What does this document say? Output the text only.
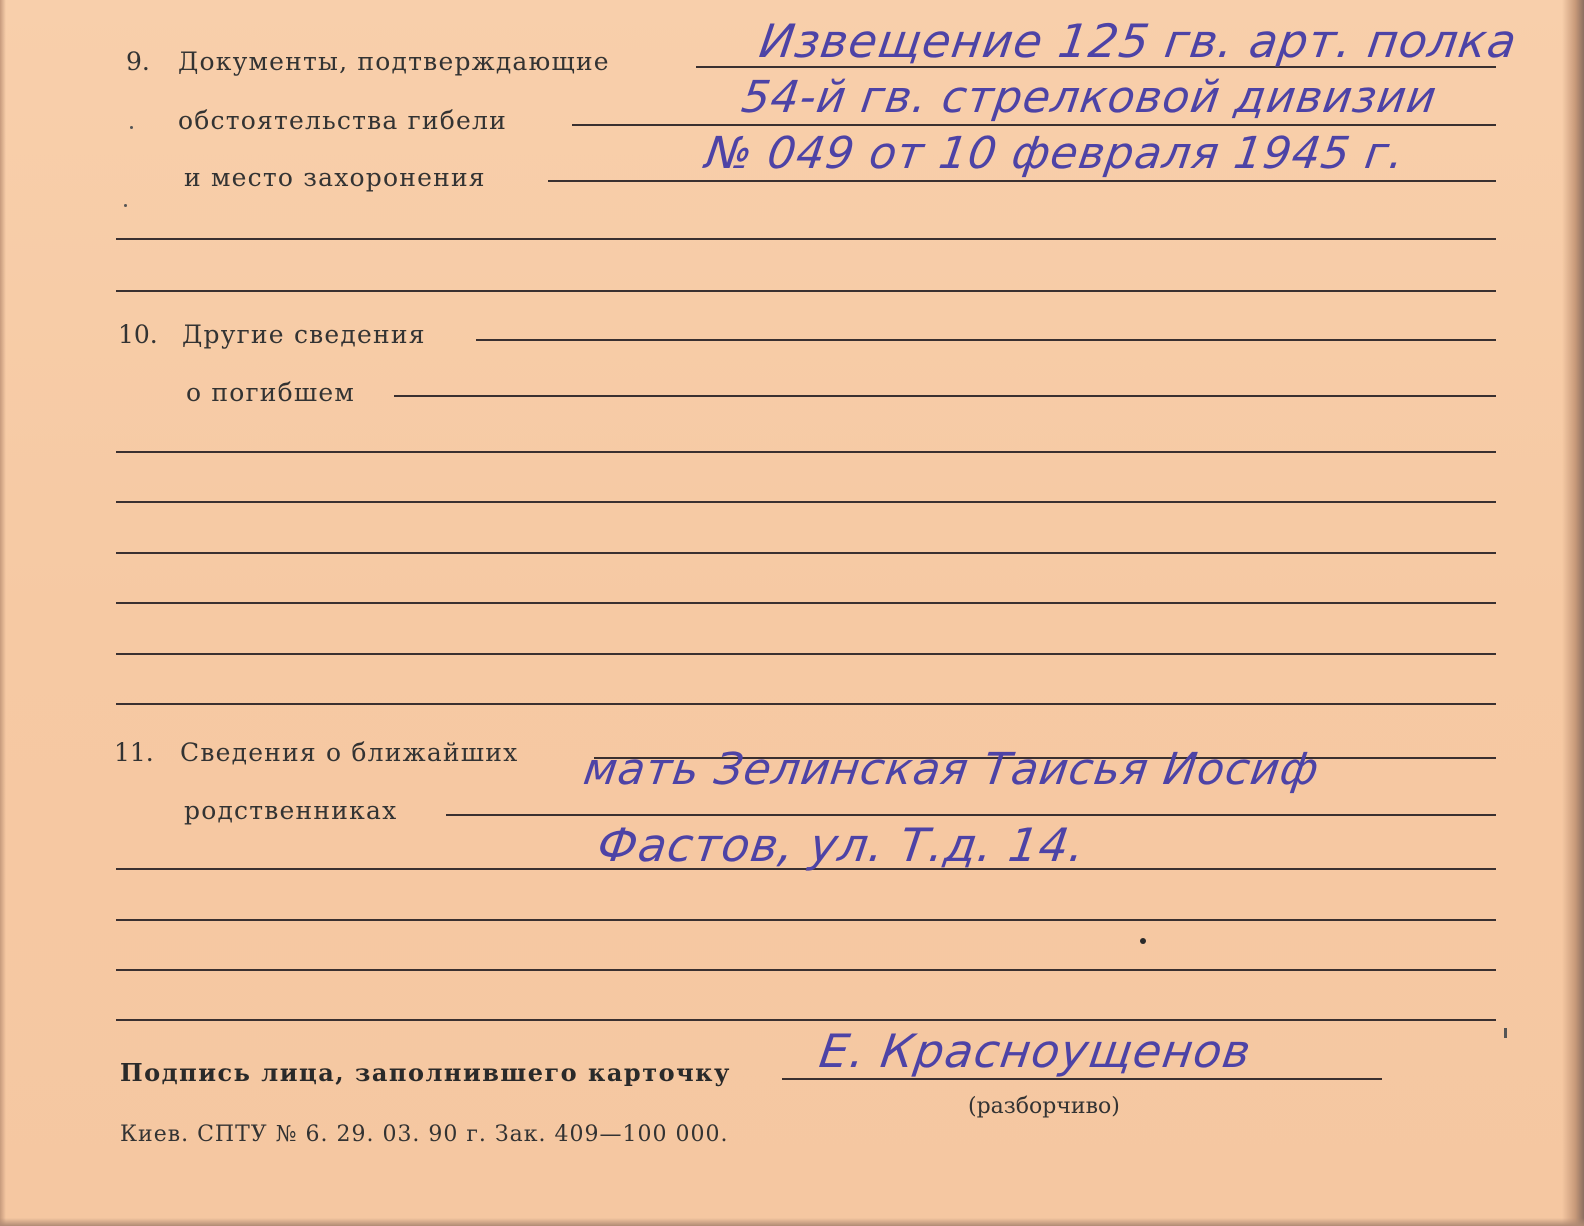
9. Документы, подтверждающие
обстоятельства гибели
и место захоронения
Извещение 125 гв. арт. полка
54-й гв. стрелковой дивизии
№ 049 от 10 февраля 1945 г.
10. Другие сведения
о погибшем
11. Сведения о ближайших
родственниках
мать Зелинская Таисья Иосиф
Фастов, ул. Т.д. 14.
Подпись лица, заполнившего карточку Е. Красноущенов
(разборчиво)
Киев. СПТУ № 6. 29. 03. 90 г. Зак. 409—100 000.
